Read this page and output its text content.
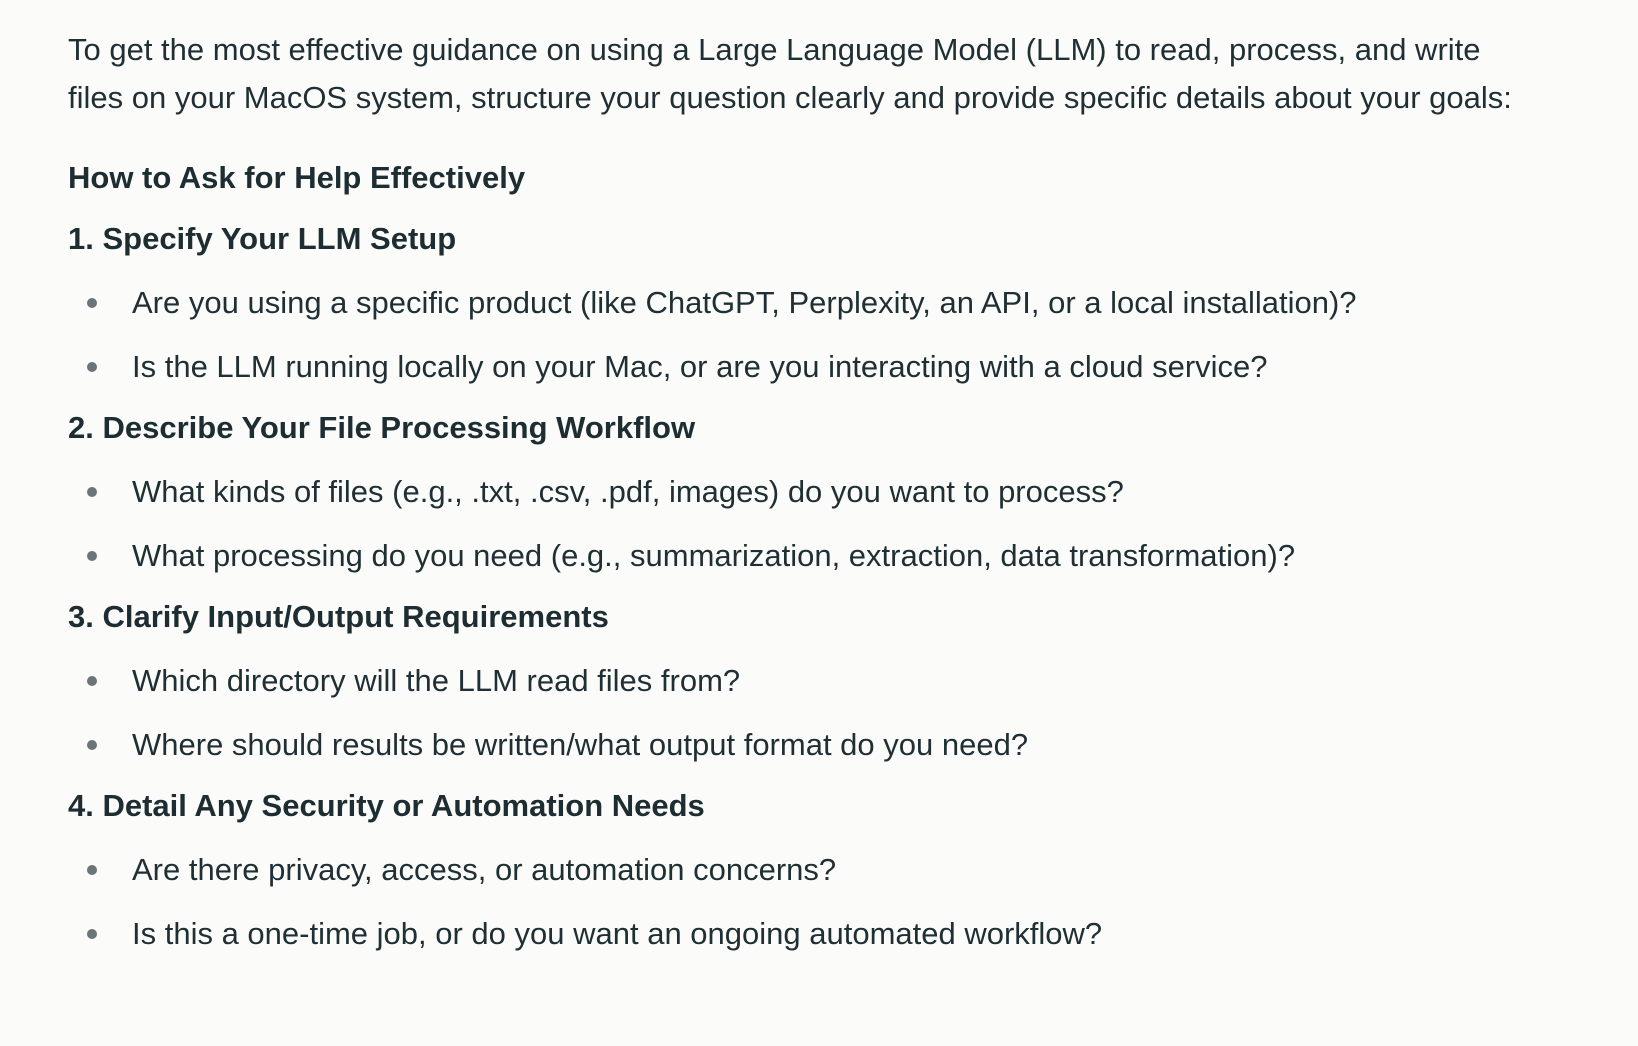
To get the most effective guidance on using a Large Language Model (LLM) to read, process, and write files on your MacOS system, structure your question clearly and provide specific details about your goals:

How to Ask for Help Effectively
1. Specify Your LLM Setup
Are you using a specific product (like ChatGPT, Perplexity, an API, or a local installation)?
Is the LLM running locally on your Mac, or are you interacting with a cloud service?
2. Describe Your File Processing Workflow
What kinds of files (e.g., .txt, .csv, .pdf, images) do you want to process?
What processing do you need (e.g., summarization, extraction, data transformation)?
3. Clarify Input/Output Requirements
Which directory will the LLM read files from?
Where should results be written/what output format do you need?
4. Detail Any Security or Automation Needs
Are there privacy, access, or automation concerns?
Is this a one-time job, or do you want an ongoing automated workflow?
